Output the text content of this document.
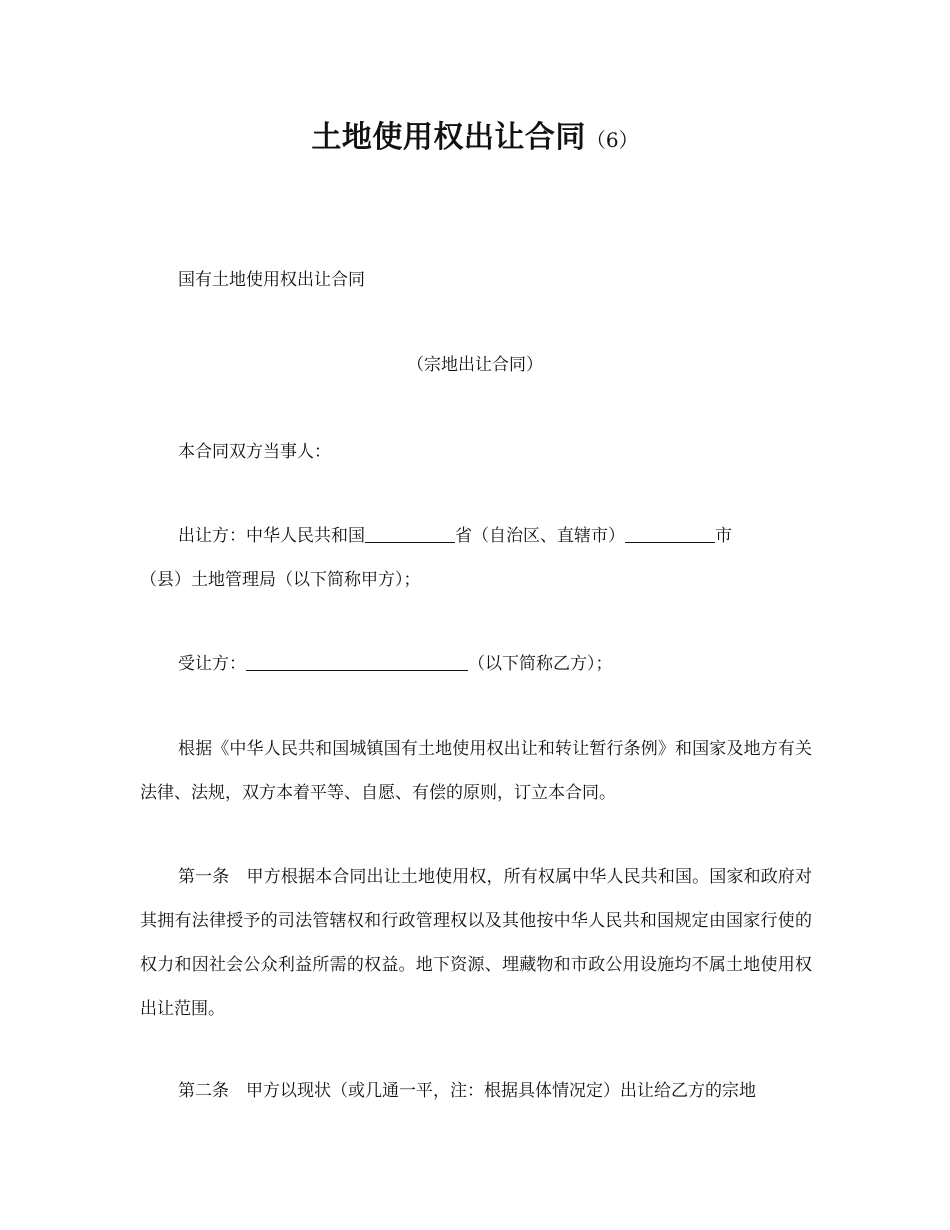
土地使用权出让合同（6）
国有土地使用权出让合同
（宗地出让合同）
本合同双方当事人：
出让方：中华人民共和国	省（自治区、直辖市）	市
（县）土地管理局（以下简称甲方）；
受让方：	（以下简称乙方）；
根据《中华人民共和国城镇国有土地使用权出让和转让暂行条例》和国家及地方有关法律、法规，双方本着平等、自愿、有偿的原则，订立本合同。
第一条　甲方根据本合同出让土地使用权，所有权属中华人民共和国。国家和政府对其拥有法律授予的司法管辖权和行政管理权以及其他按中华人民共和国规定由国家行使的权力和因社会公众利益所需的权益。地下资源、埋藏物和市政公用设施均不属土地使用权出让范围。
第二条　甲方以现状（或几通一平，注：根据具体情况定）出让给乙方的宗地
